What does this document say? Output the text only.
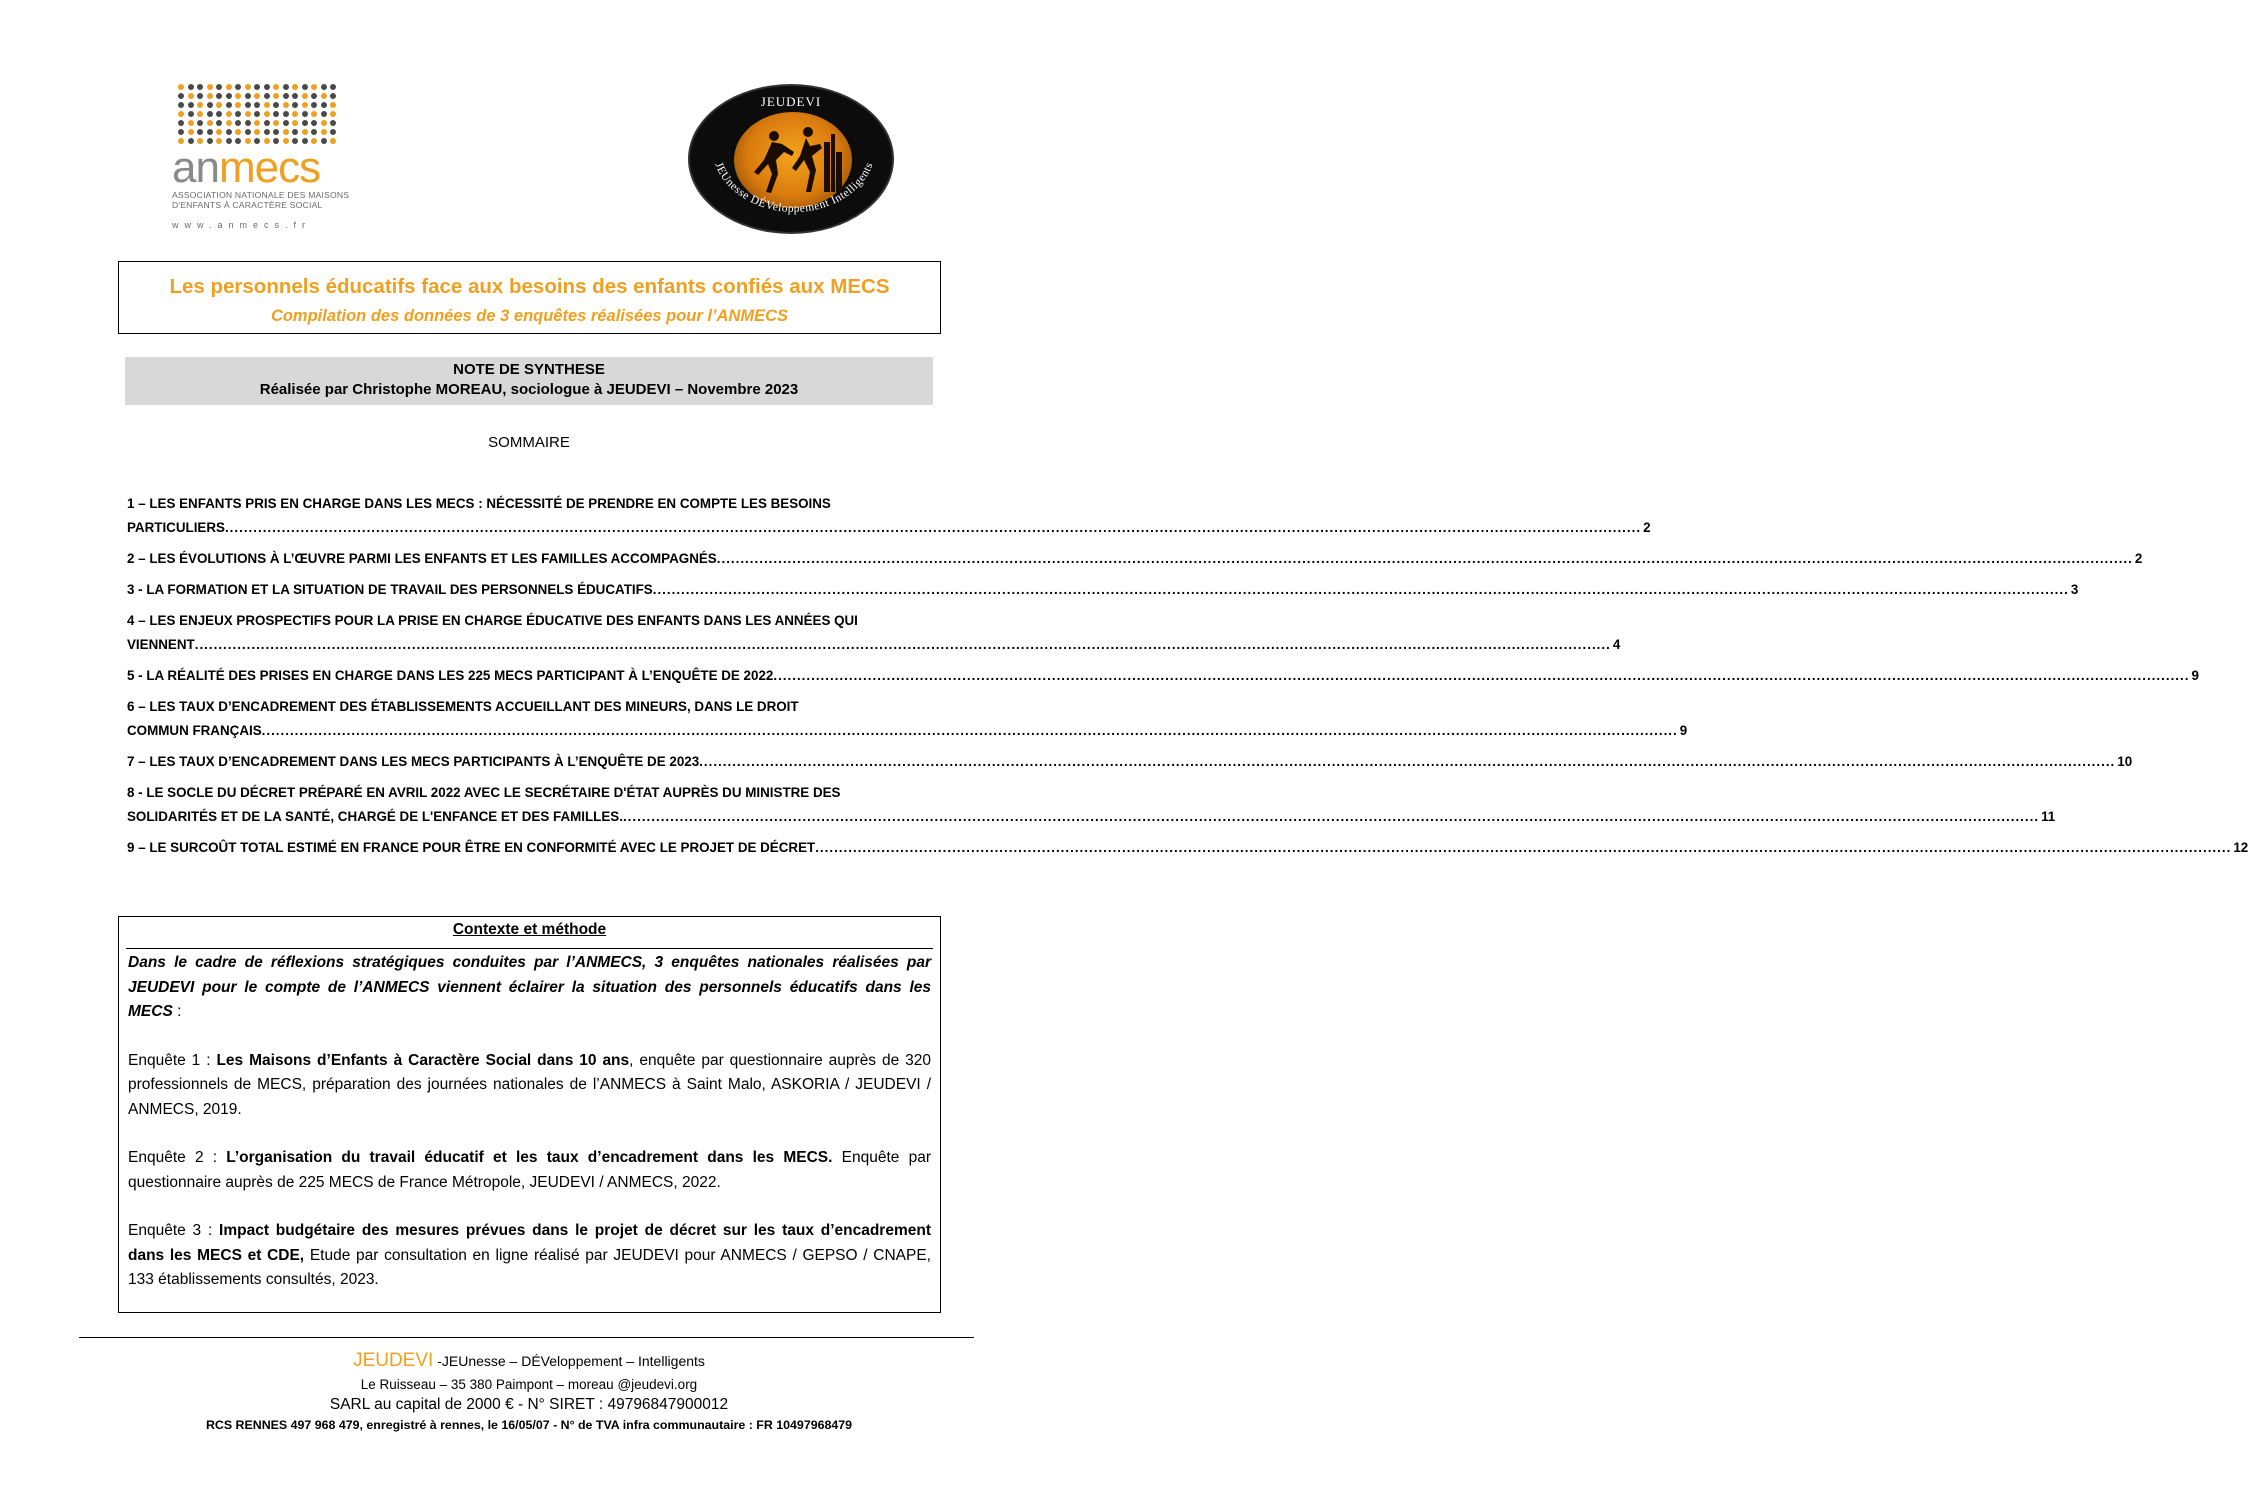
anmecs
ASSOCIATION NATIONALE DES MAISONS
D'ENFANTS À CARACTÈRE SOCIAL
www.anmecs.fr
JEUDEVI
JEUnesse DÉVeloppement Intelligents
Les personnels éducatifs face aux besoins des enfants confiés aux MECS
Compilation des données de 3 enquêtes réalisées pour l’ANMECS
NOTE DE SYNTHESE
Réalisée par Christophe MOREAU, sociologue à JEUDEVI – Novembre 2023
SOMMAIRE
1 – LES ENFANTS PRIS EN CHARGE DANS LES MECS : NÉCESSITÉ DE PRENDRE EN COMPTE LES BESOINS
PARTICULIERS ............................................................................................................................................................................................................................................................................................................ 2
2 – LES ÉVOLUTIONS À L’ŒUVRE PARMI LES ENFANTS ET LES FAMILLES ACCOMPAGNÉS ............................................................................................................................................................................................................................................................................................................ 2
3 - LA FORMATION ET LA SITUATION DE TRAVAIL DES PERSONNELS ÉDUCATIFS ............................................................................................................................................................................................................................................................................................................ 3
4 – LES ENJEUX PROSPECTIFS POUR LA PRISE EN CHARGE ÉDUCATIVE DES ENFANTS DANS LES ANNÉES QUI
VIENNENT ............................................................................................................................................................................................................................................................................................................ 4
5 - LA RÉALITÉ DES PRISES EN CHARGE DANS LES 225 MECS PARTICIPANT À L’ENQUÊTE DE 2022 ............................................................................................................................................................................................................................................................................................................ 9
6 – LES TAUX D’ENCADREMENT DES ÉTABLISSEMENTS ACCUEILLANT DES MINEURS, DANS LE DROIT
COMMUN FRANÇAIS ............................................................................................................................................................................................................................................................................................................ 9
7 – LES TAUX D’ENCADREMENT DANS LES MECS PARTICIPANTS À L’ENQUÊTE DE 2023 ............................................................................................................................................................................................................................................................................................................ 10
8 - LE SOCLE DU DÉCRET PRÉPARÉ EN AVRIL 2022 AVEC LE SECRÉTAIRE D'ÉTAT AUPRÈS DU MINISTRE DES
SOLIDARITÉS ET DE LA SANTÉ, CHARGÉ DE L'ENFANCE ET DES FAMILLES. ............................................................................................................................................................................................................................................................................................................ 11
9 – LE SURCOÛT TOTAL ESTIMÉ EN FRANCE POUR ÊTRE EN CONFORMITÉ AVEC LE PROJET DE DÉCRET ............................................................................................................................................................................................................................................................................................................ 12
Contexte et méthode
Dans le cadre de réflexions stratégiques conduites par l’ANMECS, 3 enquêtes nationales réalisées par JEUDEVI pour le compte de l’ANMECS viennent éclairer la situation des personnels éducatifs dans les MECS :
Enquête 1 : Les Maisons d’Enfants à Caractère Social dans 10 ans, enquête par questionnaire auprès de 320 professionnels de MECS, préparation des journées nationales de l’ANMECS à Saint Malo, ASKORIA / JEUDEVI / ANMECS, 2019.
Enquête 2 : L’organisation du travail éducatif et les taux d’encadrement dans les MECS. Enquête par questionnaire auprès de 225 MECS de France Métropole, JEUDEVI / ANMECS, 2022.
Enquête 3 : Impact budgétaire des mesures prévues dans le projet de décret sur les taux d’encadrement dans les MECS et CDE, Etude par consultation en ligne réalisé par JEUDEVI pour ANMECS / GEPSO / CNAPE, 133 établissements consultés, 2023.
JEUDEVI -JEUnesse – DÉVeloppement – Intelligents
Le Ruisseau – 35 380 Paimpont – moreau @jeudevi.org
SARL au capital de 2000 € - N° SIRET : 49796847900012
RCS RENNES 497 968 479, enregistré à rennes, le 16/05/07 - N° de TVA infra communautaire : FR 10497968479
